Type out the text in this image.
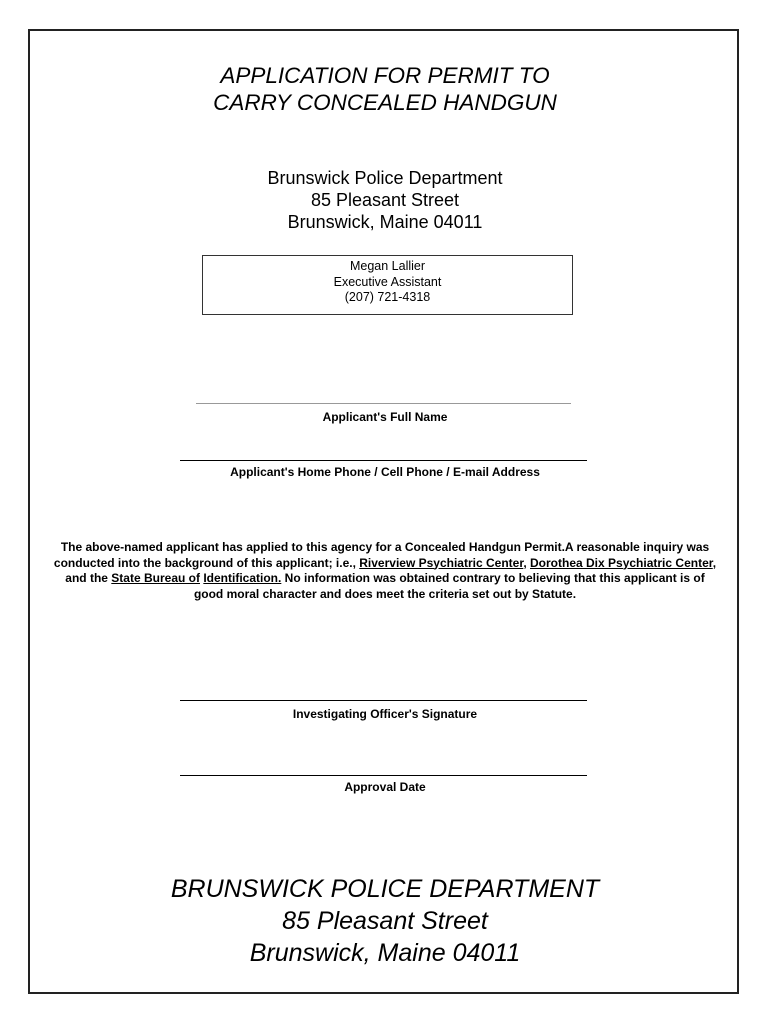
APPLICATION FOR PERMIT TO
CARRY CONCEALED HANDGUN
Brunswick Police Department
85 Pleasant Street
Brunswick, Maine 04011
Megan Lallier
Executive Assistant
(207) 721-4318
Applicant's Full Name
Applicant's Home Phone / Cell Phone / E-mail Address
The above-named applicant has applied to this agency for a Concealed Handgun Permit.A reasonable inquiry was conducted into the background of this applicant; i.e., Riverview Psychiatric Center, Dorothea Dix Psychiatric Center, and the State Bureau of Identification. No information was obtained contrary to believing that this applicant is of good moral character and does meet the criteria set out by Statute.
Investigating Officer's Signature
Approval Date
BRUNSWICK POLICE DEPARTMENT
85 Pleasant Street
Brunswick, Maine 04011
